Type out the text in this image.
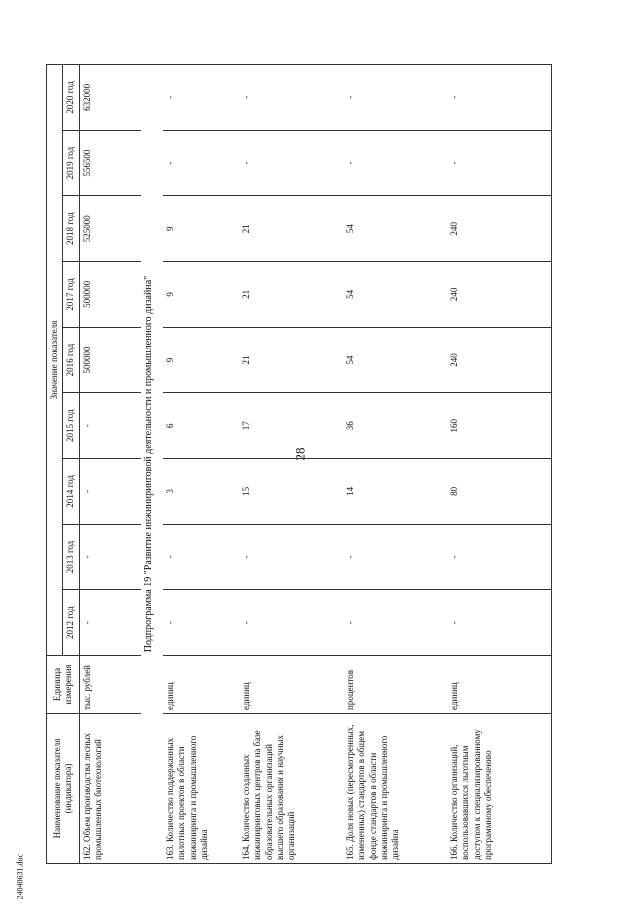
28
Наименование показателя (индикатора)	Единица измерения	Значение показателя								
		2012 год	2013 год	2014 год	2015 год	2016 год	2017 год	2018 год	2019 год	2020 год
162. Объем производства лесных промышленных биотехнологий	тыс. рублей	-	-	-	-	500000	500000	525000	556500	632000
Подпрограмма 19 "Развитие инжиниринговой деятельности и промышленного дизайна"										
163. Количество поддержанных пилотных проектов в области инжиниринга и промышленного дизайна	единиц	-	-	3	6	9	9	9	-	-
164. Количество созданных инжиниринговых центров на базе образовательных организаций высшего образования и научных организаций	единиц	-	-	15	17	21	21	21	-	-
165. Доля новых (пересмотренных, измененных) стандартов в общем фонде стандартов в области инжиниринга и промышленного дизайна	процентов	-	-	14	36	54	54	54	-	-
166. Количество организаций, воспользовавшихся льготным доступом к специализированному программному обеспечению	единиц	-	-	80	160	240	240	240	-	-
24040631.doc
